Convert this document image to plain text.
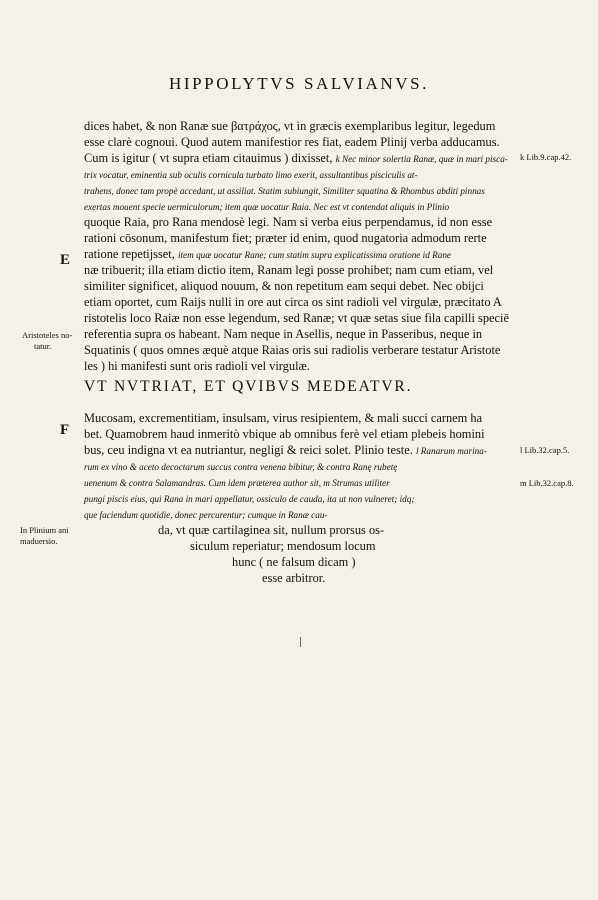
HIPPOLYTVS SALVIANVS.
dices habet, & non Ranæ sue βατράχος, vt in græcis exemplaribus legitur, legedum
esse clarè cognoui. Quod autem manifestior res fiat, eadem Plinij verba adducamus.
Cum is igitur ( vt supra etiam citauimus ) dixisset, k Nec minor solertia Ranæ, quæ in mari pisca-
trix vocatur, eminentia sub oculis cornicula turbato limo exerit, assultantibus pisciculis at-
trahens, donec tam propè accedant, ut assiliat. Statim subiungit, Similiter squatina & Rhombus abditi pinnas
exertas mouent specie uermiculorum; item quæ uocatur Raia. Nec est vt contendat aliquis in Plinio
quoque Raia, pro Rana mendosè legi. Nam si verba eius perpendamus, id non esse
rationi cōsonum, manifestum fiet; præter id enim, quod nugatoria admodum rerte
ratione repetijsset, item quæ uocatur Rane; cum statim supra explicatissima oratione id Rane
næ tribuerit; illa etiam dictio item, Ranam legi posse prohibet; nam cum etiam, vel
similiter significet, aliquod nouum, & non repetitum eam sequi debet. Nec obijci
etiam oportet, cum Raijs nulli in ore aut circa os sint radioli vel virgulæ, præcitato A
ristotelis loco Raiæ non esse legendum, sed Ranæ; vt quæ setas siue fila capilli speciē
referentia supra os habeant. Nam neque in Asellis, neque in Passeribus, neque in
Squatinis ( quos omnes æquè atque Raias oris sui radiolis verberare testatur Aristote
les ) hi manifesti sunt oris radioli vel virgulæ.
VT NVTRIAT, ET QVIBVS MEDEATVR.
Mucosam, excrementitiam, insulsam, virus resipientem, & mali succi carnem ha
bet. Quamobrem haud inmeritò vbique ab omnibus ferè vel etiam plebeis homini
bus, ceu indigna vt ea nutriantur, negligi & reici solet. Plinio teste. l Ranarum marina-
rum ex vino & aceto decoctarum succus contra venena bibitur, & contra Ranę rubetę
uenenum & contra Salamandras. Cum idem præterea author sit, m Strumas utiliter
pungi piscis eius, qui Rana in mari appellatur, ossiculo de cauda, ita ut non vulneret; idq;
que faciendum quotidie, donec percurentur; cumque in Ranæ cau-
da, vt quæ cartilaginea sit, nullum prorsus os-
siculum reperiatur; mendosum locum
hunc ( ne falsum dicam )
esse arbitror.
E
F
k Lib.9.cap.42.
Aristoteles no-
tatur.
l Lib.32.cap.5.
m Lib.32.cap.8.
In Plinium ani
maduersio.
